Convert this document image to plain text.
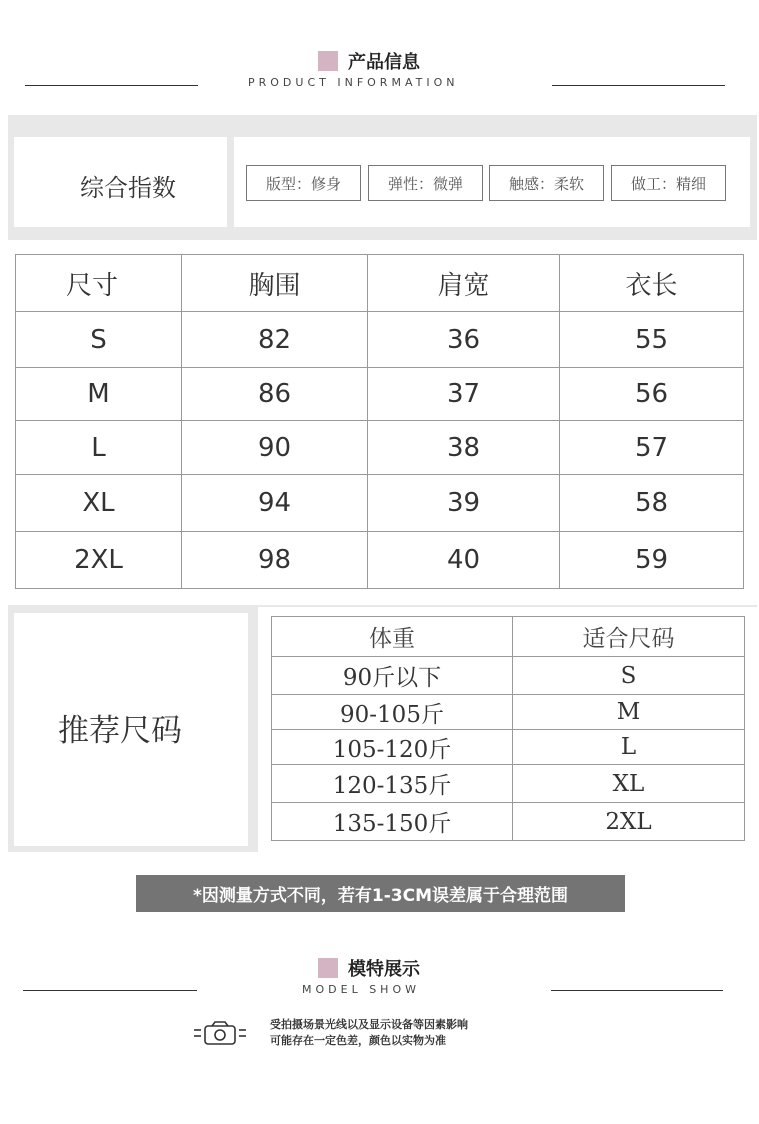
产品信息
PRODUCT INFORMATION
综合指数	版型：修身	弹性：微弹	触感：柔软	做工：精细
尺寸	胸围	肩宽	衣长
S	82	36	55
M	86	37	56
L	90	38	57
XL	94	39	58
2XL	98	40	59
推荐尺码
体重	适合尺码
90斤以下	S
90-105斤	M
105-120斤	L
120-135斤	XL
135-150斤	2XL
*因测量方式不同，若有1-3CM误差属于合理范围
模特展示
MODEL SHOW
受拍摄场景光线以及显示设备等因素影响
可能存在一定色差，颜色以实物为准
